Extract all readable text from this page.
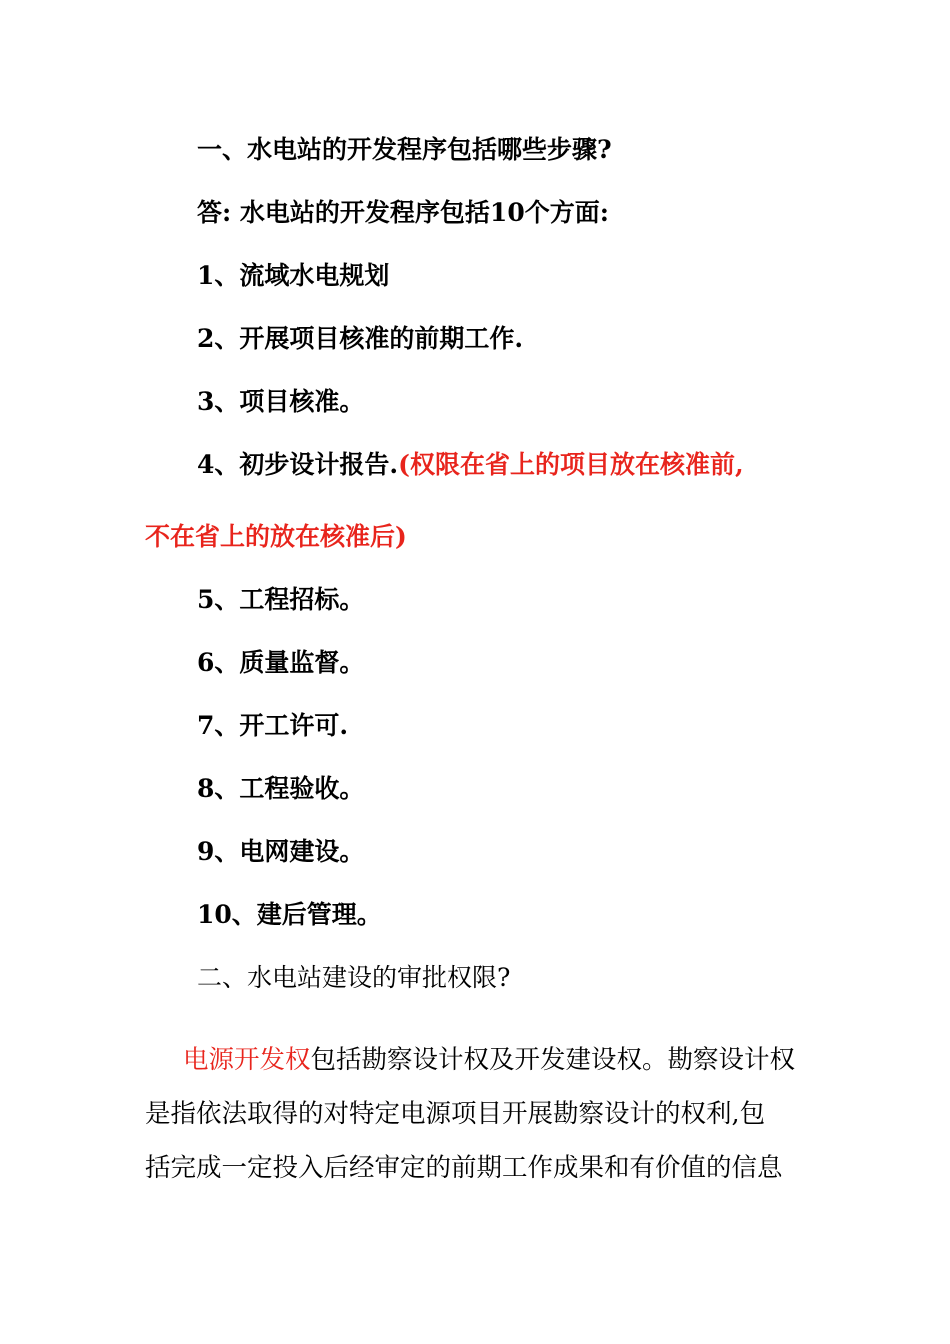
一、水电站的开发程序包括哪些步骤?
答: 水电站的开发程序包括10个方面:
1、流域水电规划
2、开展项目核准的前期工作.
3、项目核准。
4、初步设计报告.(权限在省上的项目放在核准前,
不在省上的放在核准后)
5、工程招标。
6、质量监督。
7、开工许可.
8、工程验收。
9、电网建设。
10、建后管理。
二、水电站建设的审批权限?
电源开发权包括勘察设计权及开发建设权。勘察设计权
是指依法取得的对特定电源项目开展勘察设计的权利,包
括完成一定投入后经审定的前期工作成果和有价值的信息
